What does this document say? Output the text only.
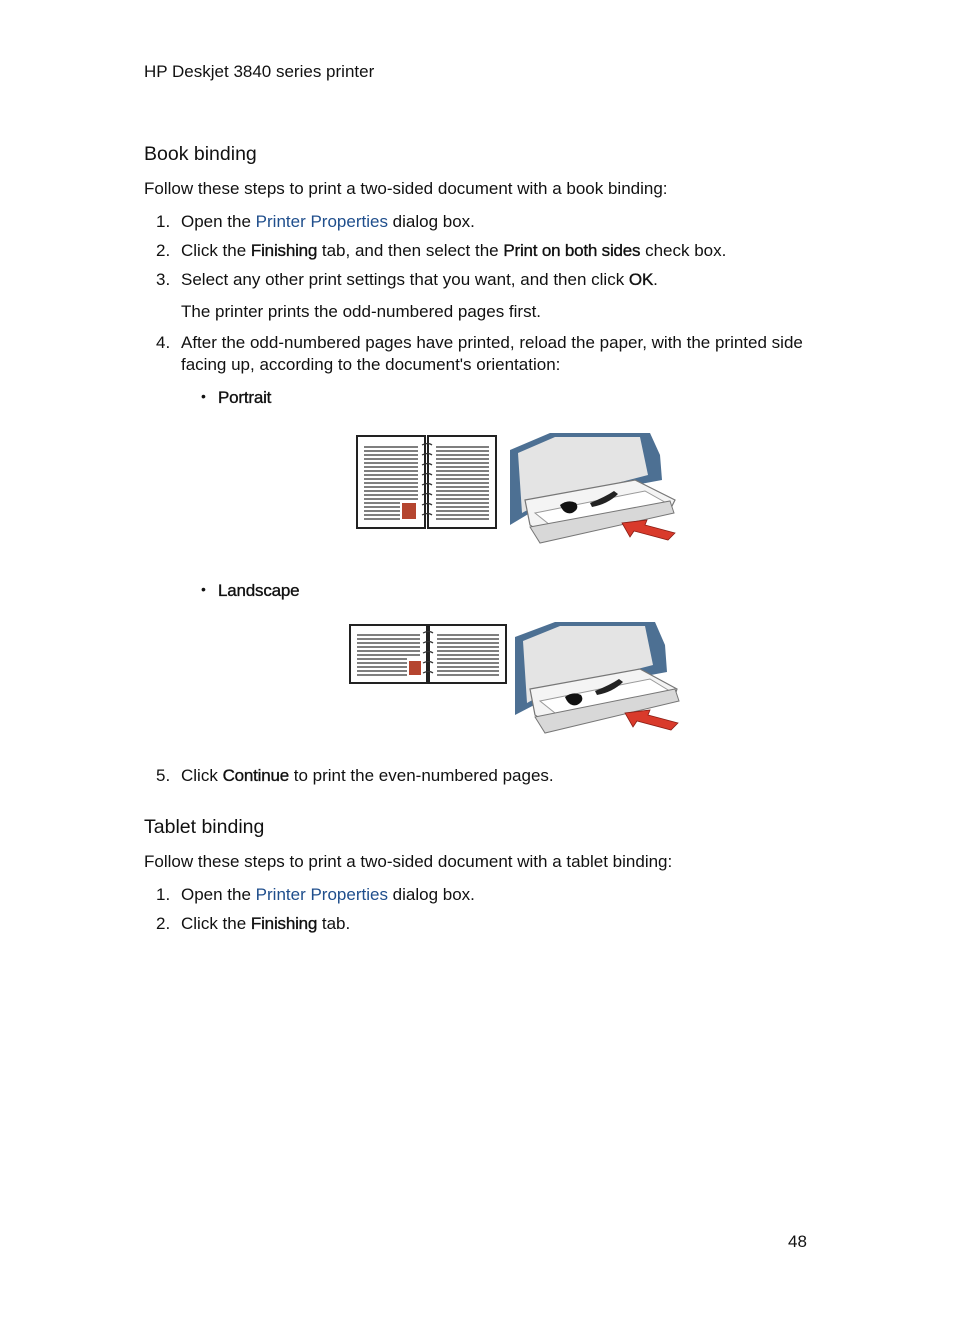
HP Deskjet 3840 series printer
Book binding
Follow these steps to print a two-sided document with a book binding:
1. Open the Printer Properties dialog box.
2. Click the Finishing tab, and then select the Print on both sides check box.
3. Select any other print settings that you want, and then click OK.
The printer prints the odd-numbered pages first.
4. After the odd-numbered pages have printed, reload the paper, with the printed side facing up, according to the document's orientation:
• Portrait
• Landscape
5. Click Continue to print the even-numbered pages.
Tablet binding
Follow these steps to print a two-sided document with a tablet binding:
1. Open the Printer Properties dialog box.
2. Click the Finishing tab.
48
